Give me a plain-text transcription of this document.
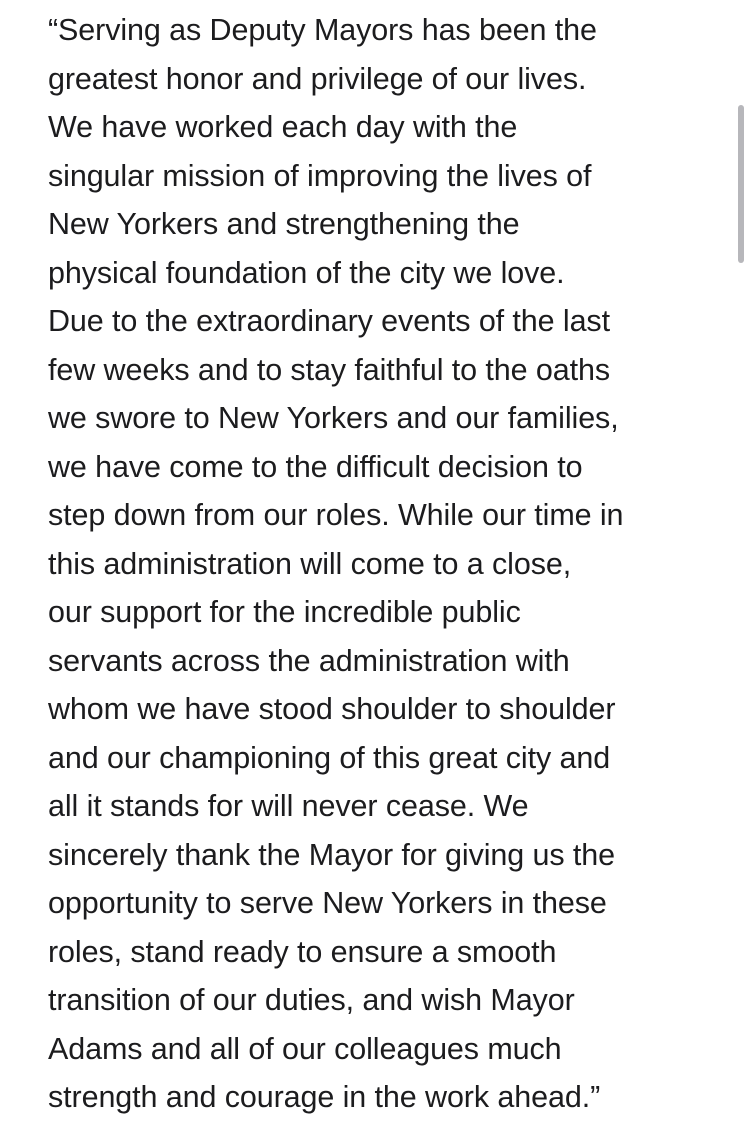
“Serving as Deputy Mayors has been the
greatest honor and privilege of our lives.
We have worked each day with the
singular mission of improving the lives of
New Yorkers and strengthening the
physical foundation of the city we love.
Due to the extraordinary events of the last
few weeks and to stay faithful to the oaths
we swore to New Yorkers and our families,
we have come to the difficult decision to
step down from our roles. While our time in
this administration will come to a close,
our support for the incredible public
servants across the administration with
whom we have stood shoulder to shoulder
and our championing of this great city and
all it stands for will never cease. We
sincerely thank the Mayor for giving us the
opportunity to serve New Yorkers in these
roles, stand ready to ensure a smooth
transition of our duties, and wish Mayor
Adams and all of our colleagues much
strength and courage in the work ahead.”
